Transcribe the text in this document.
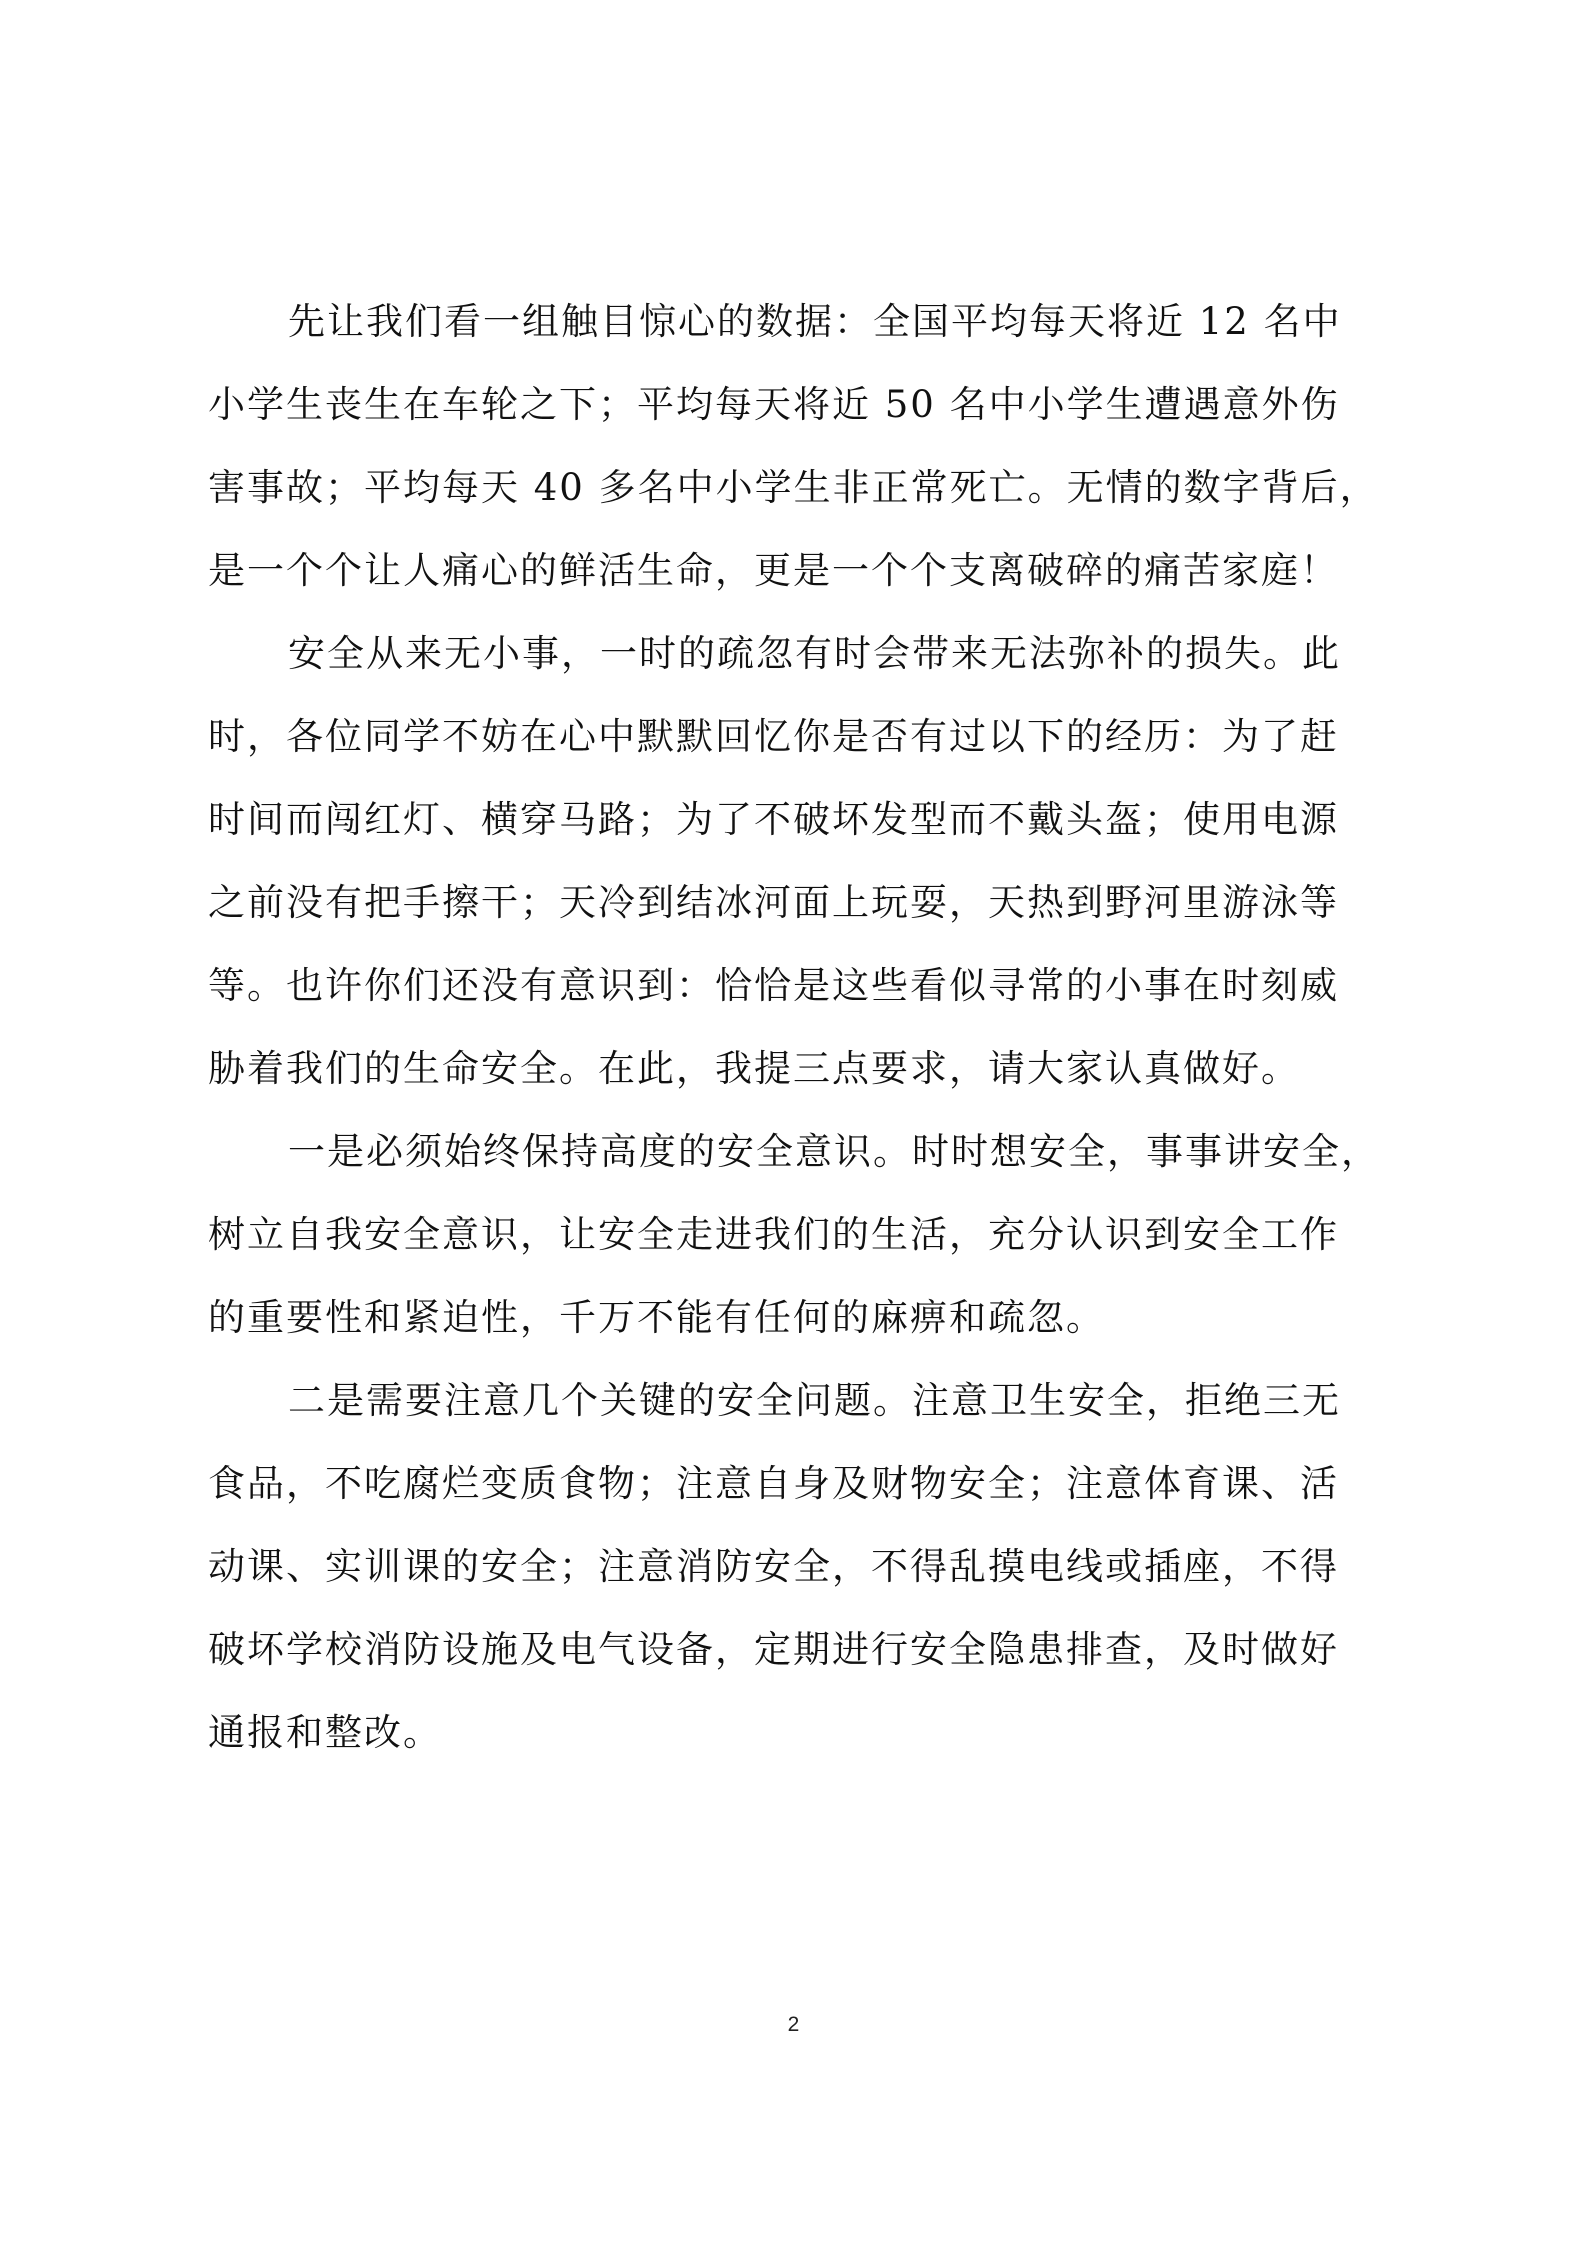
先让我们看一组触目惊心的数据：全国平均每天将近 12 名中
小学生丧生在车轮之下；平均每天将近 50 名中小学生遭遇意外伤
害事故；平均每天 40 多名中小学生非正常死亡。无情的数字背后，
是一个个让人痛心的鲜活生命，更是一个个支离破碎的痛苦家庭！
安全从来无小事，一时的疏忽有时会带来无法弥补的损失。此
时，各位同学不妨在心中默默回忆你是否有过以下的经历：为了赶
时间而闯红灯、横穿马路；为了不破坏发型而不戴头盔；使用电源
之前没有把手擦干；天冷到结冰河面上玩耍，天热到野河里游泳等
等。也许你们还没有意识到：恰恰是这些看似寻常的小事在时刻威
胁着我们的生命安全。在此，我提三点要求，请大家认真做好。
一是必须始终保持高度的安全意识。时时想安全，事事讲安全，
树立自我安全意识，让安全走进我们的生活，充分认识到安全工作
的重要性和紧迫性，千万不能有任何的麻痹和疏忽。
二是需要注意几个关键的安全问题。注意卫生安全，拒绝三无
食品，不吃腐烂变质食物；注意自身及财物安全；注意体育课、活
动课、实训课的安全；注意消防安全，不得乱摸电线或插座，不得
破坏学校消防设施及电气设备，定期进行安全隐患排查，及时做好
通报和整改。
2
